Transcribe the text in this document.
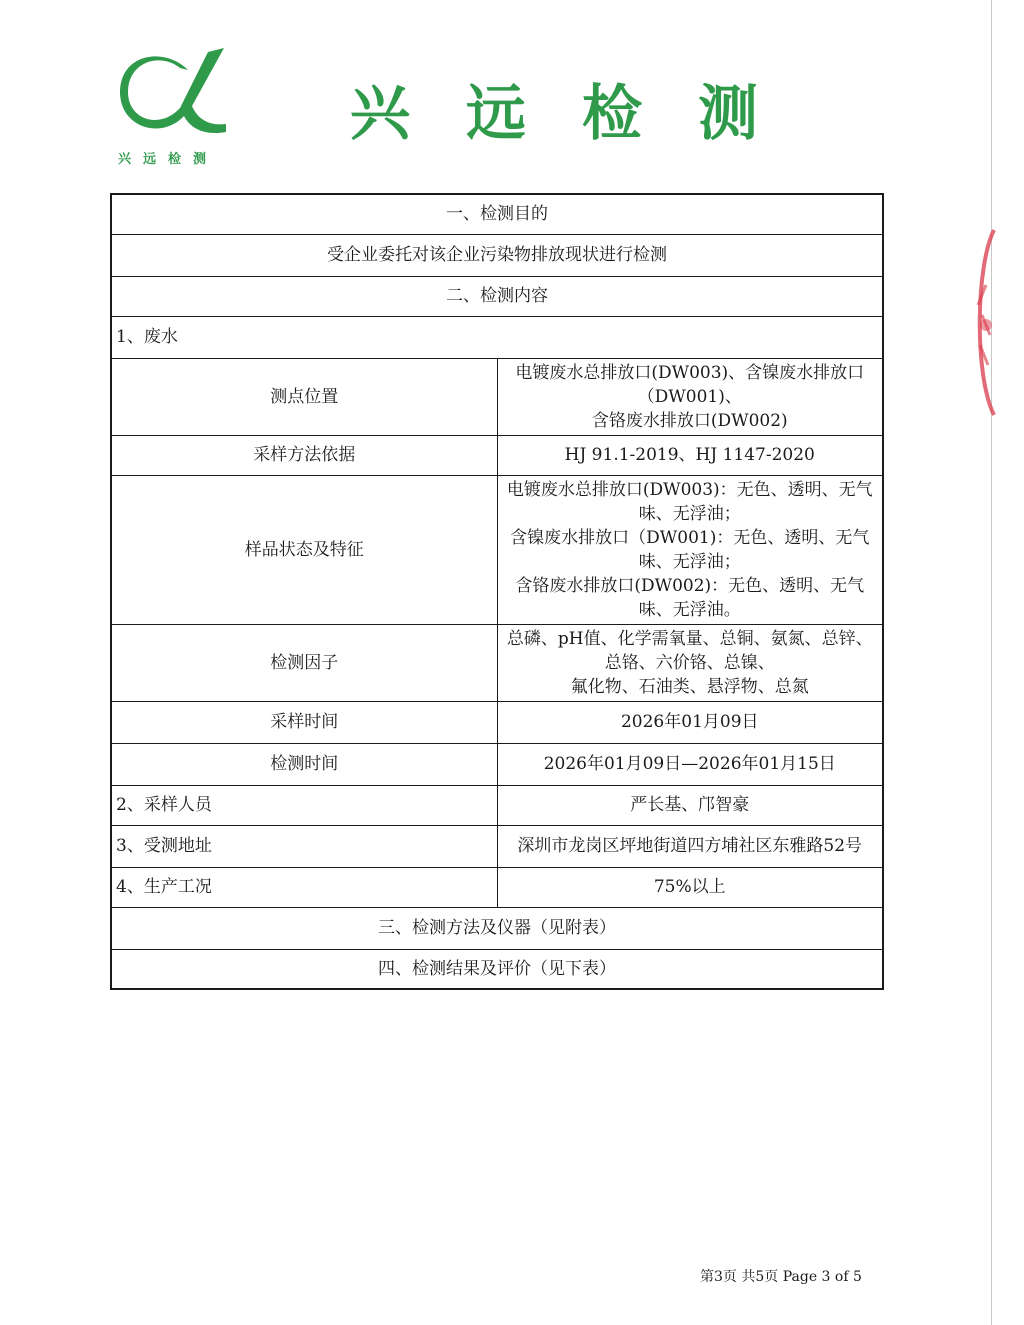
兴远检测
兴远检测
一、检测目的	
受企业委托对该企业污染物排放现状进行检测	
二、检测内容	
1、废水	
测点位置	电镀废水总排放口(DW003)、含镍废水排放口（DW001)、
含铬废水排放口(DW002)

采样方法依据	HJ 91.1-2019、HJ 1147-2020
样品状态及特征	电镀废水总排放口(DW003)：无色、透明、无气味、无浮油；
含镍废水排放口（DW001)：无色、透明、无气味、无浮油；
含铬废水排放口(DW002)：无色、透明、无气味、无浮油。

检测因子	总磷、pH值、化学需氧量、总铜、氨氮、总锌、总铬、六价铬、总镍、
氟化物、石油类、悬浮物、总氮

采样时间	2026年01月09日
检测时间	2026年01月09日—2026年01月15日
2、采样人员	严长基、邝智豪
3、受测地址	深圳市龙岗区坪地街道四方埔社区东雅路52号
4、生产工况	75%以上
三、检测方法及仪器（见附表）	
四、检测结果及评价（见下表）	
第3页 共5页 Page 3 of 5
